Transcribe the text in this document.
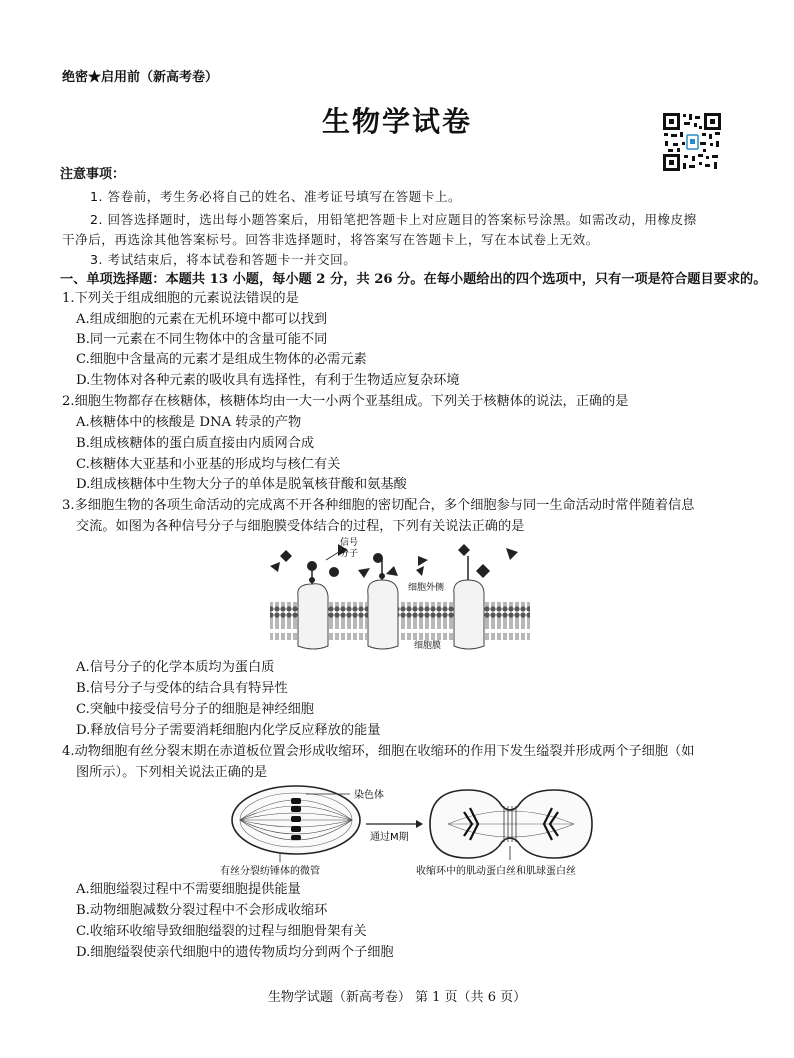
绝密★启用前（新高考卷）
生物学试卷
注意事项：
1. 答卷前，考生务必将自己的姓名、准考证号填写在答题卡上。
2. 回答选择题时，选出每小题答案后，用铅笔把答题卡上对应题目的答案标号涂黑。如需改动，用橡皮擦
干净后，再选涂其他答案标号。回答非选择题时，将答案写在答题卡上，写在本试卷上无效。
3. 考试结束后，将本试卷和答题卡一并交回。
一、单项选择题：本题共 13 小题，每小题 2 分，共 26 分。在每小题给出的四个选项中，只有一项是符合题目要求的。
1.下列关于组成细胞的元素说法错误的是
A.组成细胞的元素在无机环境中都可以找到
B.同一元素在不同生物体中的含量可能不同
C.细胞中含量高的元素才是组成生物体的必需元素
D.生物体对各种元素的吸收具有选择性，有利于生物适应复杂环境
2.细胞生物都存在核糖体，核糖体均由一大一小两个亚基组成。下列关于核糖体的说法，正确的是
A.核糖体中的核酸是 DNA 转录的产物
B.组成核糖体的蛋白质直接由内质网合成
C.核糖体大亚基和小亚基的形成均与核仁有关
D.组成核糖体中生物大分子的单体是脱氧核苷酸和氨基酸
3.多细胞生物的各项生命活动的完成离不开各种细胞的密切配合，多个细胞参与同一生命活动时常伴随着信息
交流。如图为各种信号分子与细胞膜受体结合的过程，下列有关说法正确的是
信号
分子
细胞外侧
细胞膜
A.信号分子的化学本质均为蛋白质
B.信号分子与受体的结合具有特异性
C.突触中接受信号分子的细胞是神经细胞
D.释放信号分子需要消耗细胞内化学反应释放的能量
4.动物细胞有丝分裂末期在赤道板位置会形成收缩环，细胞在收缩环的作用下发生缢裂并形成两个子细胞（如
图所示）。下列相关说法正确的是
通过M期
染色体
有丝分裂纺锤体的微管	收缩环中的肌动蛋白丝和肌球蛋白丝
A.细胞缢裂过程中不需要细胞提供能量
B.动物细胞减数分裂过程中不会形成收缩环
C.收缩环收缩导致细胞缢裂的过程与细胞骨架有关
D.细胞缢裂使亲代细胞中的遗传物质均分到两个子细胞
生物学试题（新高考卷） 第 1 页（共 6 页）
